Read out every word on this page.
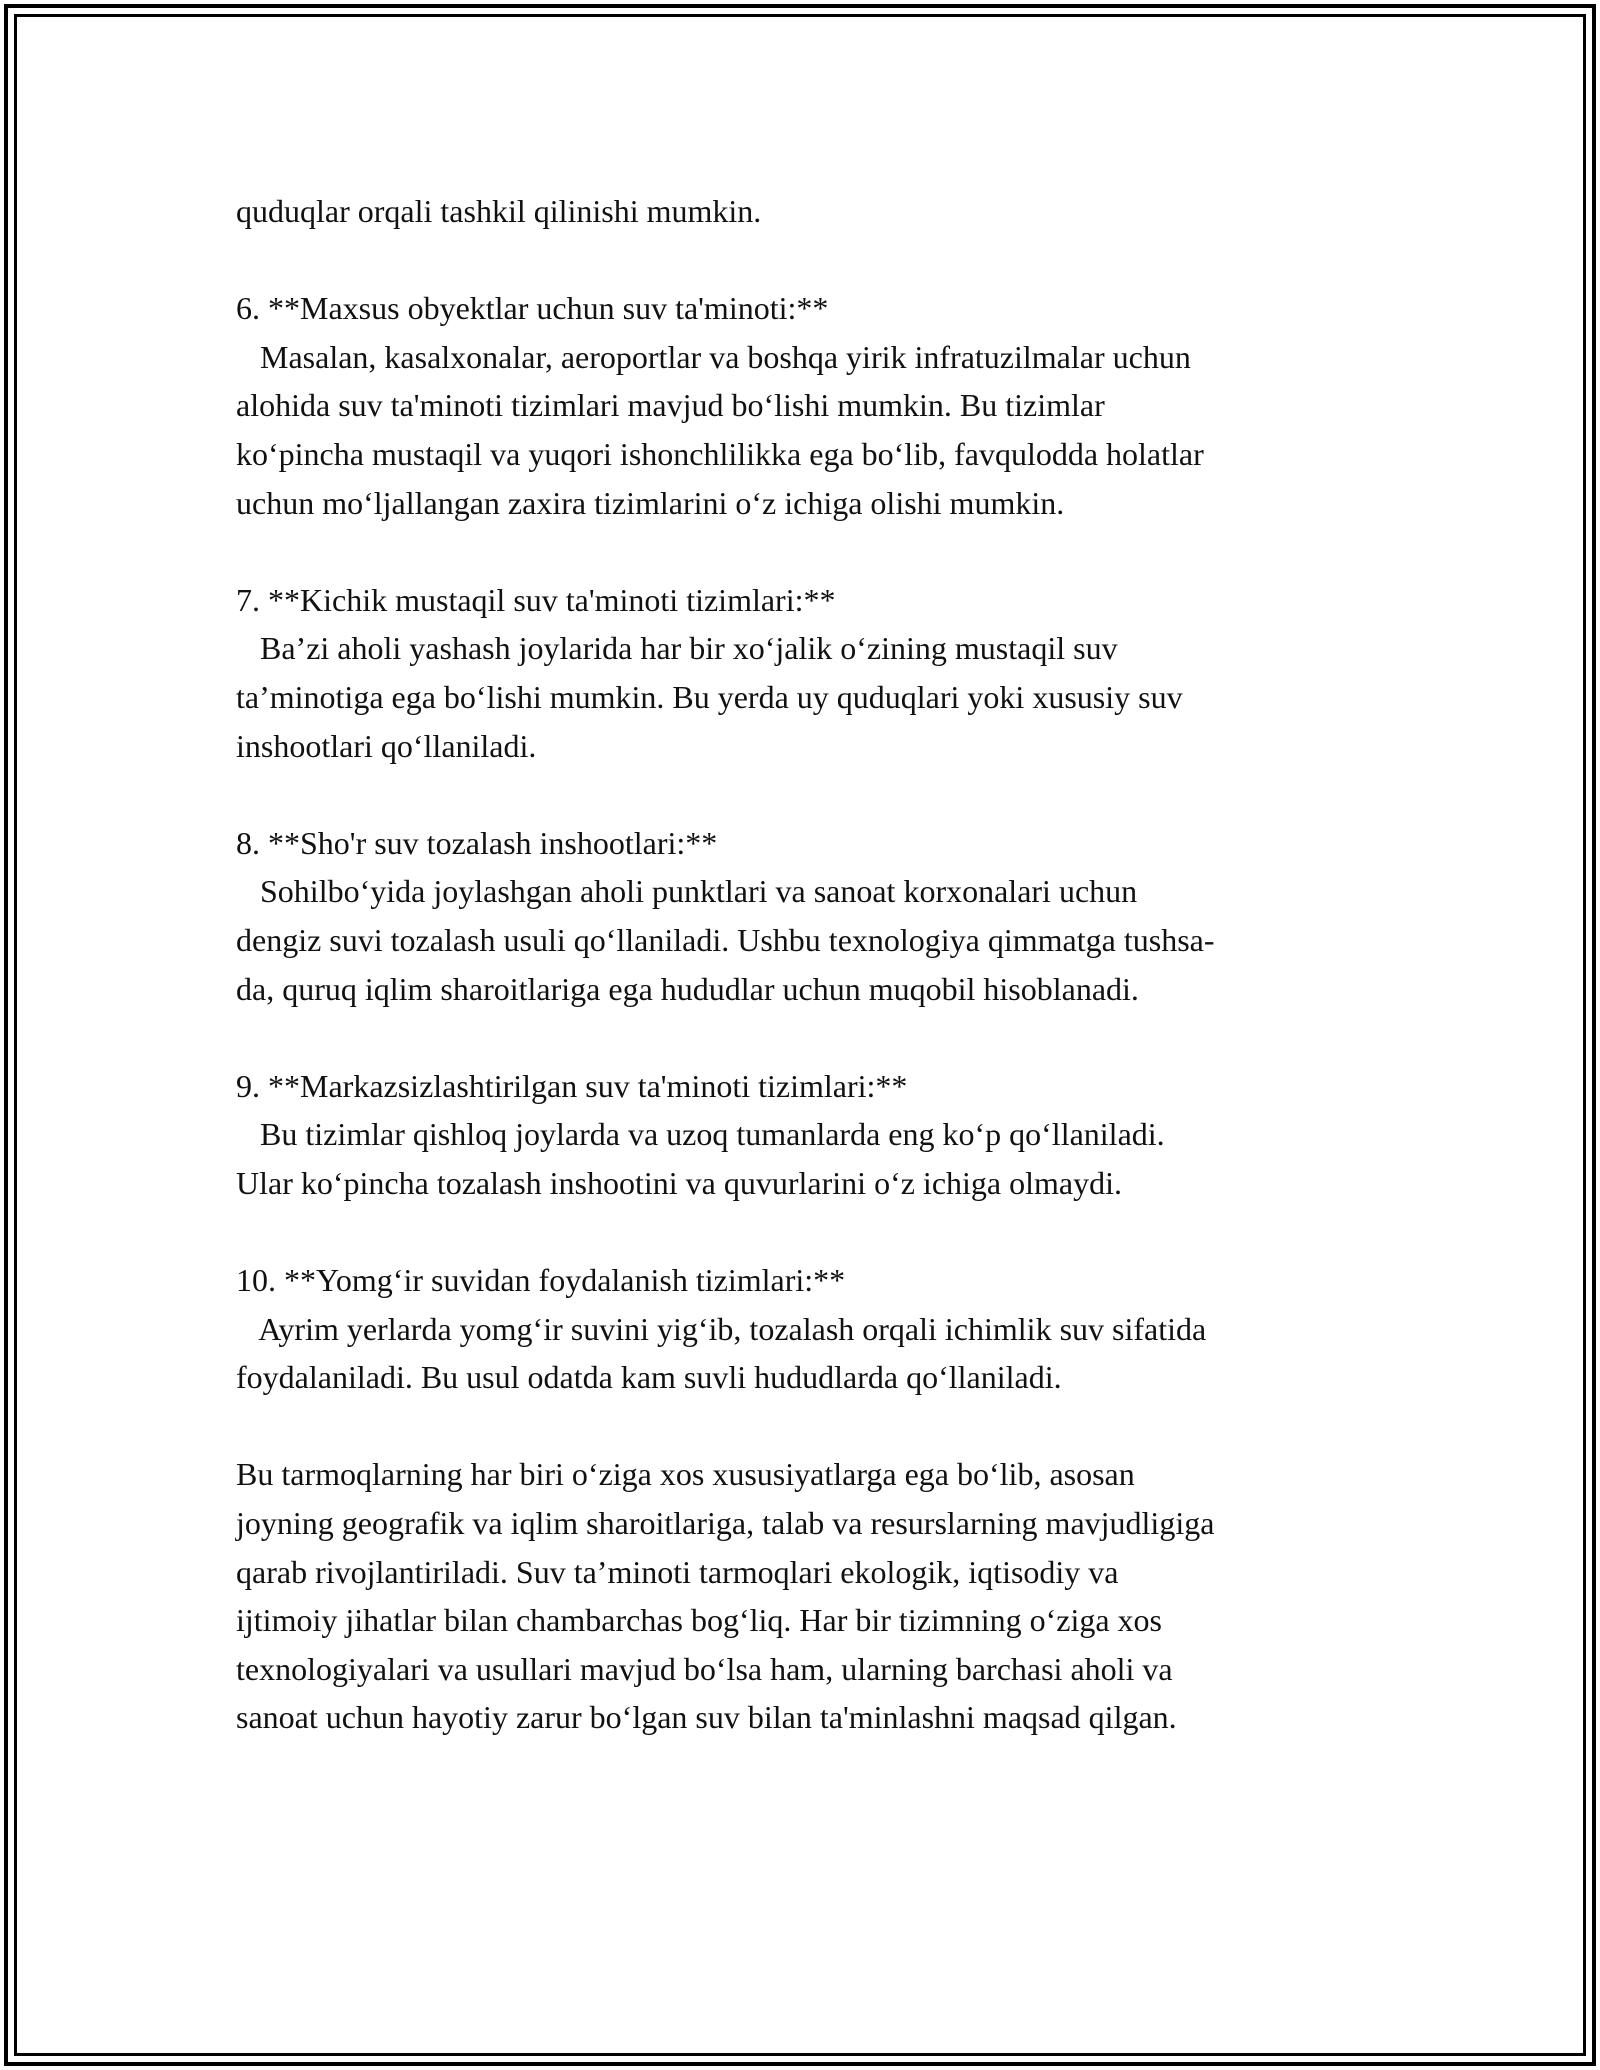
quduqlar orqali tashkil qilinishi mumkin.
6. **Maxsus obyektlar uchun suv ta'minoti:**
Masalan, kasalxonalar, aeroportlar va boshqa yirik infratuzilmalar uchun
alohida suv ta'minoti tizimlari mavjud bo‘lishi mumkin. Bu tizimlar
ko‘pincha mustaqil va yuqori ishonchlilikka ega bo‘lib, favqulodda holatlar
uchun mo‘ljallangan zaxira tizimlarini o‘z ichiga olishi mumkin.
7. **Kichik mustaqil suv ta'minoti tizimlari:**
Ba’zi aholi yashash joylarida har bir xo‘jalik o‘zining mustaqil suv
ta’minotiga ega bo‘lishi mumkin. Bu yerda uy quduqlari yoki xususiy suv
inshootlari qo‘llaniladi.
8. **Sho'r suv tozalash inshootlari:**
Sohilbo‘yida joylashgan aholi punktlari va sanoat korxonalari uchun
dengiz suvi tozalash usuli qo‘llaniladi. Ushbu texnologiya qimmatga tushsa-
da, quruq iqlim sharoitlariga ega hududlar uchun muqobil hisoblanadi.
9. **Markazsizlashtirilgan suv ta'minoti tizimlari:**
Bu tizimlar qishloq joylarda va uzoq tumanlarda eng ko‘p qo‘llaniladi.
Ular ko‘pincha tozalash inshootini va quvurlarini o‘z ichiga olmaydi.
10. **Yomg‘ir suvidan foydalanish tizimlari:**
Ayrim yerlarda yomg‘ir suvini yig‘ib, tozalash orqali ichimlik suv sifatida
foydalaniladi. Bu usul odatda kam suvli hududlarda qo‘llaniladi.
Bu tarmoqlarning har biri o‘ziga xos xususiyatlarga ega bo‘lib, asosan
joyning geografik va iqlim sharoitlariga, talab va resurslarning mavjudligiga
qarab rivojlantiriladi. Suv ta’minoti tarmoqlari ekologik, iqtisodiy va
ijtimoiy jihatlar bilan chambarchas bog‘liq. Har bir tizimning o‘ziga xos
texnologiyalari va usullari mavjud bo‘lsa ham, ularning barchasi aholi va
sanoat uchun hayotiy zarur bo‘lgan suv bilan ta'minlashni maqsad qilgan.
